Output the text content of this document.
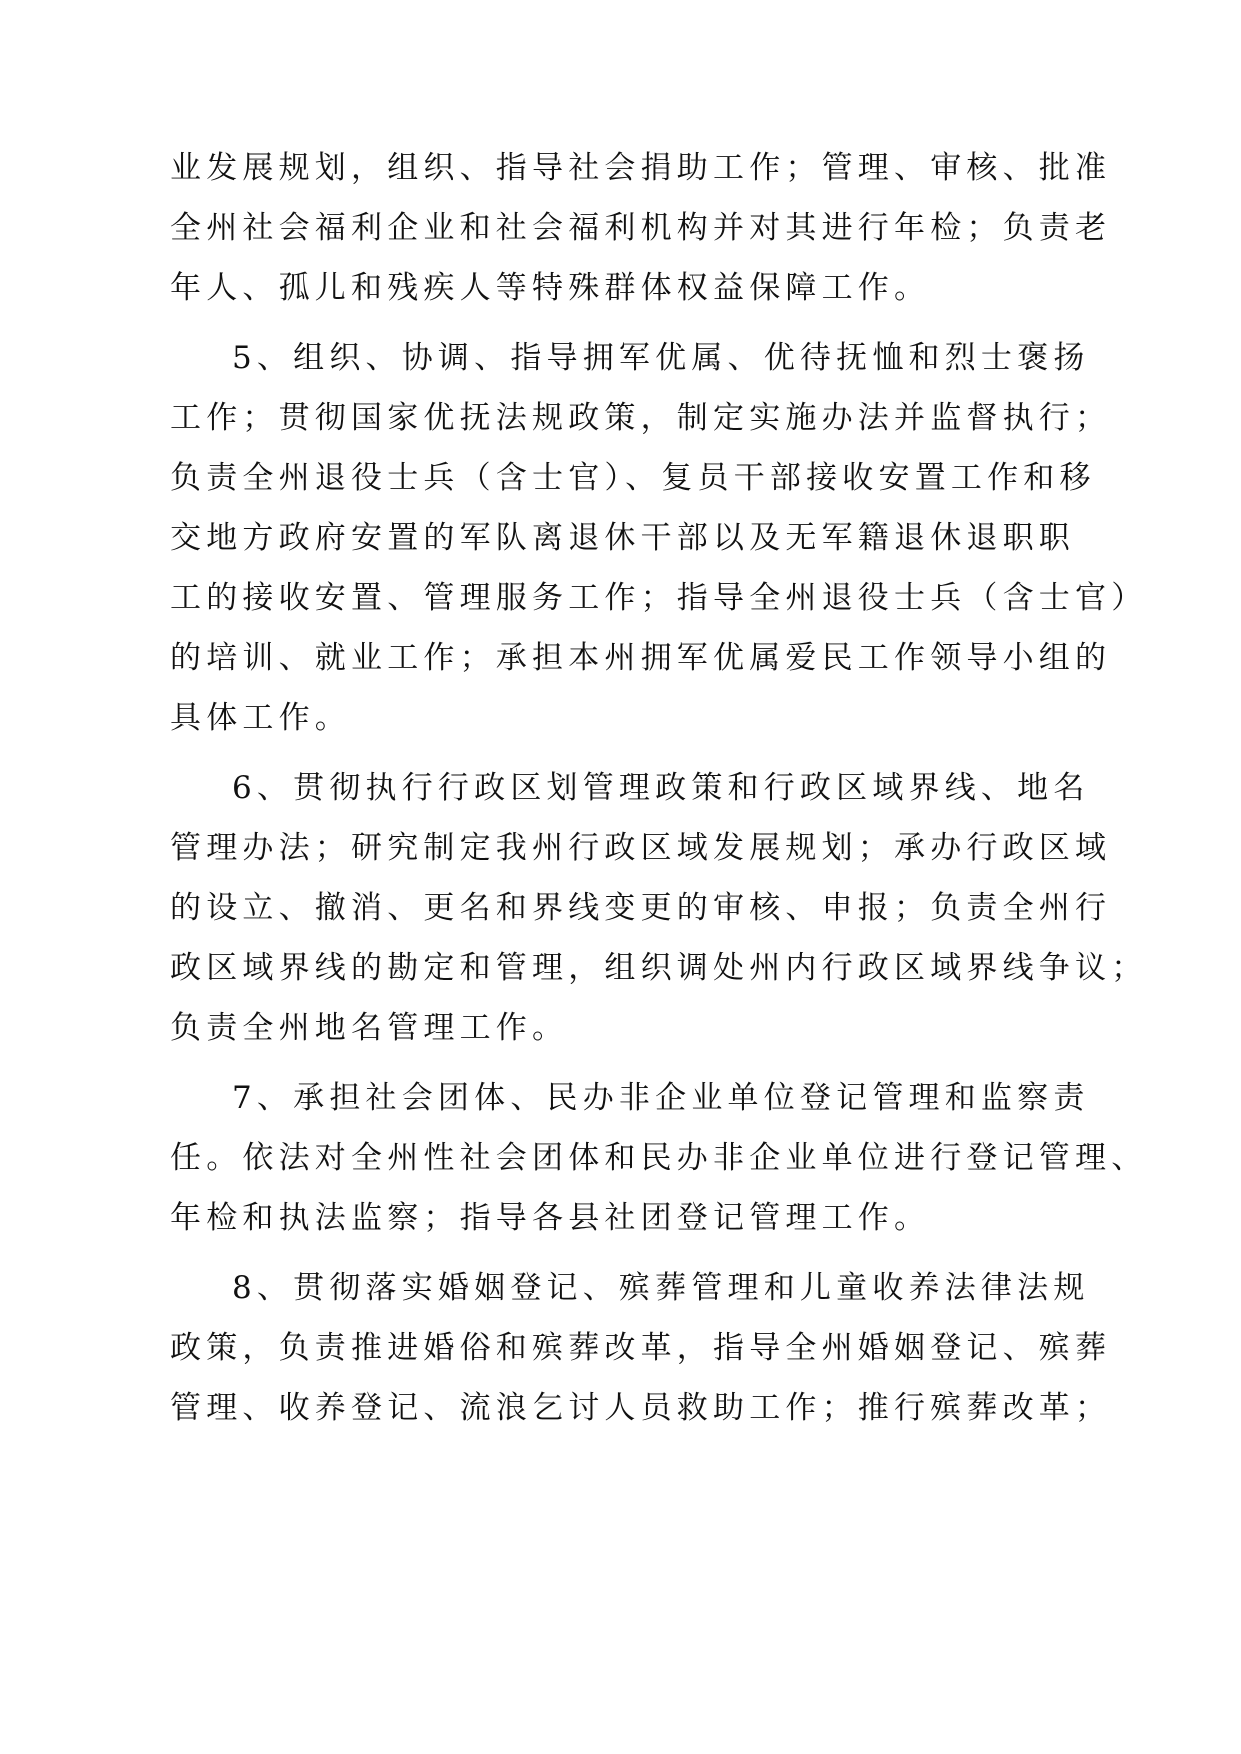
业发展规划，组织、指导社会捐助工作；管理、审核、批准
全州社会福利企业和社会福利机构并对其进行年检；负责老
年人、孤儿和残疾人等特殊群体权益保障工作。
5、组织、协调、指导拥军优属、优待抚恤和烈士褒扬
工作；贯彻国家优抚法规政策，制定实施办法并监督执行；
负责全州退役士兵（含士官）、复员干部接收安置工作和移
交地方政府安置的军队离退休干部以及无军籍退休退职职
工的接收安置、管理服务工作；指导全州退役士兵（含士官）
的培训、就业工作；承担本州拥军优属爱民工作领导小组的
具体工作。
6、贯彻执行行政区划管理政策和行政区域界线、地名
管理办法；研究制定我州行政区域发展规划；承办行政区域
的设立、撤消、更名和界线变更的审核、申报；负责全州行
政区域界线的勘定和管理，组织调处州内行政区域界线争议；
负责全州地名管理工作。
7、承担社会团体、民办非企业单位登记管理和监察责
任。依法对全州性社会团体和民办非企业单位进行登记管理、
年检和执法监察；指导各县社团登记管理工作。
8、贯彻落实婚姻登记、殡葬管理和儿童收养法律法规
政策，负责推进婚俗和殡葬改革，指导全州婚姻登记、殡葬
管理、收养登记、流浪乞讨人员救助工作；推行殡葬改革；
